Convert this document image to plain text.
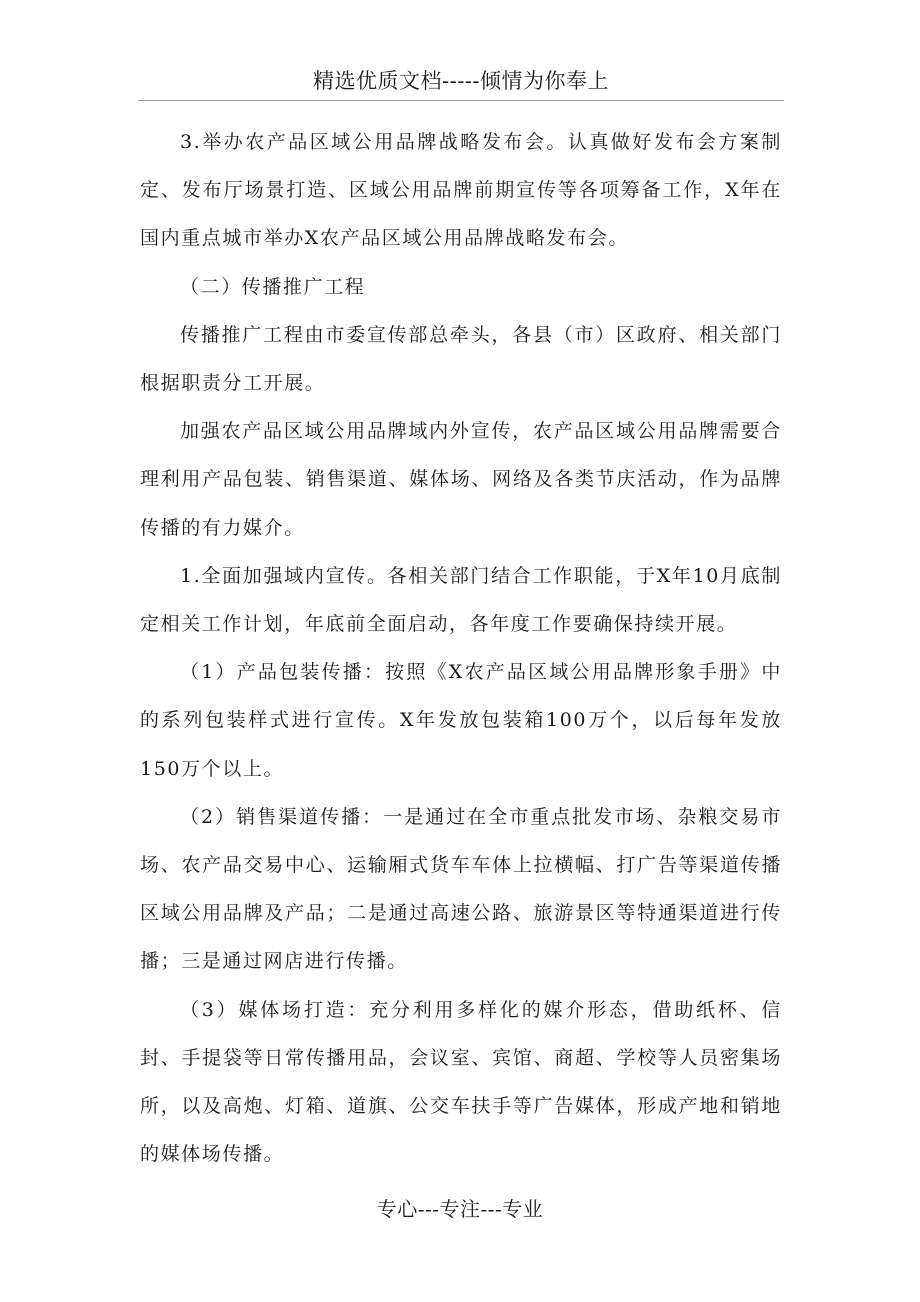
精选优质文档-----倾情为你奉上

3.举办农产品区域公用品牌战略发布会。认真做好发布会方案制定、发布厅场景打造、区域公用品牌前期宣传等各项筹备工作，X年在国内重点城市举办X农产品区域公用品牌战略发布会。

（二）传播推广工程

传播推广工程由市委宣传部总牵头，各县（市）区政府、相关部门根据职责分工开展。

加强农产品区域公用品牌域内外宣传，农产品区域公用品牌需要合理利用产品包装、销售渠道、媒体场、网络及各类节庆活动，作为品牌传播的有力媒介。

1.全面加强域内宣传。各相关部门结合工作职能，于X年10月底制定相关工作计划，年底前全面启动，各年度工作要确保持续开展。

（1）产品包装传播：按照《X农产品区域公用品牌形象手册》中的系列包装样式进行宣传。X年发放包装箱100万个，以后每年发放150万个以上。

（2）销售渠道传播：一是通过在全市重点批发市场、杂粮交易市场、农产品交易中心、运输厢式货车车体上拉横幅、打广告等渠道传播区域公用品牌及产品；二是通过高速公路、旅游景区等特通渠道进行传播；三是通过网店进行传播。

（3）媒体场打造：充分利用多样化的媒介形态，借助纸杯、信封、手提袋等日常传播用品，会议室、宾馆、商超、学校等人员密集场所，以及高炮、灯箱、道旗、公交车扶手等广告媒体，形成产地和销地的媒体场传播。

专心---专注---专业
